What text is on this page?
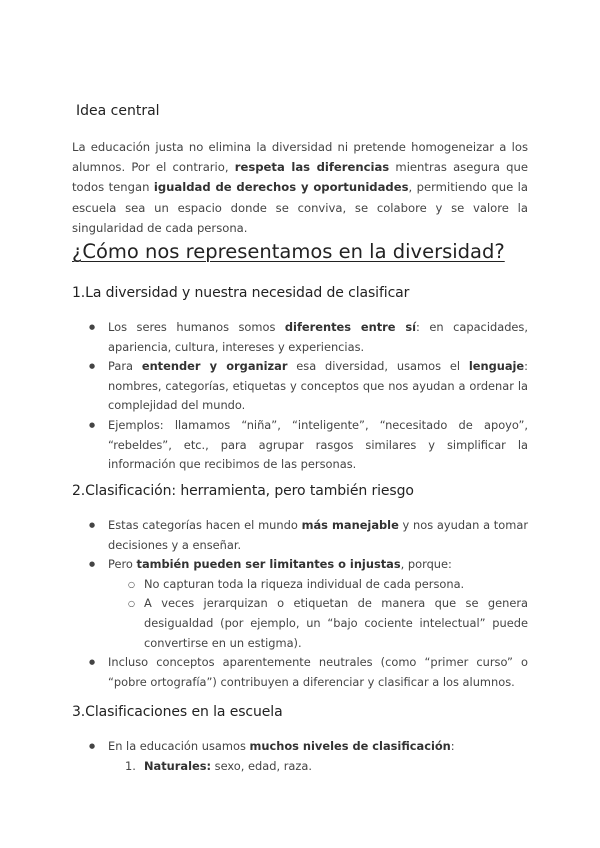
Idea central

La educación justa no elimina la diversidad ni pretende homogeneizar a los alumnos. Por el contrario, respeta las diferencias mientras asegura que todos tengan igualdad de derechos y oportunidades, permitiendo que la escuela sea un espacio donde se conviva, se colabore y se valore la singularidad de cada persona.

¿Cómo nos representamos en la diversidad?
1.La diversidad y nuestra necesidad de clasificar
● Los seres humanos somos diferentes entre sí: en capacidades, apariencia, cultura, intereses y experiencias.
● Para entender y organizar esa diversidad, usamos el lenguaje: nombres, categorías, etiquetas y conceptos que nos ayudan a ordenar la complejidad del mundo.
● Ejemplos: llamamos “niña”, “inteligente”, “necesitado de apoyo”, “rebeldes”, etc., para agrupar rasgos similares y simplificar la información que recibimos de las personas.
2.Clasificación: herramienta, pero también riesgo
● Estas categorías hacen el mundo más manejable y nos ayudan a tomar decisiones y a enseñar.
● Pero también pueden ser limitantes o injustas, porque:
○ No capturan toda la riqueza individual de cada persona.
○ A veces jerarquizan o etiquetan de manera que se genera desigualdad (por ejemplo, un “bajo cociente intelectual” puede convertirse en un estigma).
● Incluso conceptos aparentemente neutrales (como “primer curso” o “pobre ortografía”) contribuyen a diferenciar y clasificar a los alumnos.
3.Clasificaciones en la escuela
● En la educación usamos muchos niveles de clasificación:
1. Naturales: sexo, edad, raza.
